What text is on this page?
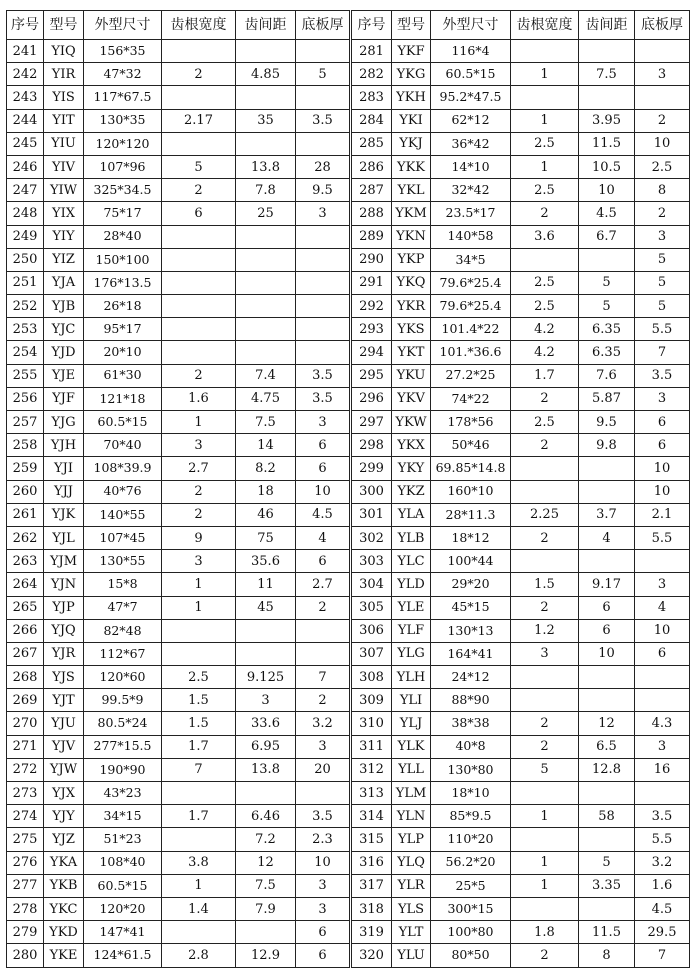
序号	型号	外型尺寸	齿根宽度	齿间距	底板厚	序号	型号	外型尺寸	齿根宽度	齿间距	底板厚
241	YIQ	156*35				281	YKF	116*4			
242	YIR	47*32	2	4.85	5	282	YKG	60.5*15	1	7.5	3
243	YIS	117*67.5				283	YKH	95.2*47.5			
244	YIT	130*35	2.17	35	3.5	284	YKI	62*12	1	3.95	2
245	YIU	120*120				285	YKJ	36*42	2.5	11.5	10
246	YIV	107*96	5	13.8	28	286	YKK	14*10	1	10.5	2.5
247	YIW	325*34.5	2	7.8	9.5	287	YKL	32*42	2.5	10	8
248	YIX	75*17	6	25	3	288	YKM	23.5*17	2	4.5	2
249	YIY	28*40				289	YKN	140*58	3.6	6.7	3
250	YIZ	150*100				290	YKP	34*5			5
251	YJA	176*13.5				291	YKQ	79.6*25.4	2.5	5	5
252	YJB	26*18				292	YKR	79.6*25.4	2.5	5	5
253	YJC	95*17				293	YKS	101.4*22	4.2	6.35	5.5
254	YJD	20*10				294	YKT	101.*36.6	4.2	6.35	7
255	YJE	61*30	2	7.4	3.5	295	YKU	27.2*25	1.7	7.6	3.5
256	YJF	121*18	1.6	4.75	3.5	296	YKV	74*22	2	5.87	3
257	YJG	60.5*15	1	7.5	3	297	YKW	178*56	2.5	9.5	6
258	YJH	70*40	3	14	6	298	YKX	50*46	2	9.8	6
259	YJI	108*39.9	2.7	8.2	6	299	YKY	69.85*14.8			10
260	YJJ	40*76	2	18	10	300	YKZ	160*10			10
261	YJK	140*55	2	46	4.5	301	YLA	28*11.3	2.25	3.7	2.1
262	YJL	107*45	9	75	4	302	YLB	18*12	2	4	5.5
263	YJM	130*55	3	35.6	6	303	YLC	100*44			
264	YJN	15*8	1	11	2.7	304	YLD	29*20	1.5	9.17	3
265	YJP	47*7	1	45	2	305	YLE	45*15	2	6	4
266	YJQ	82*48				306	YLF	130*13	1.2	6	10
267	YJR	112*67				307	YLG	164*41	3	10	6
268	YJS	120*60	2.5	9.125	7	308	YLH	24*12			
269	YJT	99.5*9	1.5	3	2	309	YLI	88*90			
270	YJU	80.5*24	1.5	33.6	3.2	310	YLJ	38*38	2	12	4.3
271	YJV	277*15.5	1.7	6.95	3	311	YLK	40*8	2	6.5	3
272	YJW	190*90	7	13.8	20	312	YLL	130*80	5	12.8	16
273	YJX	43*23				313	YLM	18*10			
274	YJY	34*15	1.7	6.46	3.5	314	YLN	85*9.5	1	58	3.5
275	YJZ	51*23		7.2	2.3	315	YLP	110*20			5.5
276	YKA	108*40	3.8	12	10	316	YLQ	56.2*20	1	5	3.2
277	YKB	60.5*15	1	7.5	3	317	YLR	25*5	1	3.35	1.6
278	YKC	120*20	1.4	7.9	3	318	YLS	300*15			4.5
279	YKD	147*41			6	319	YLT	100*80	1.8	11.5	29.5
280	YKE	124*61.5	2.8	12.9	6	320	YLU	80*50	2	8	7
